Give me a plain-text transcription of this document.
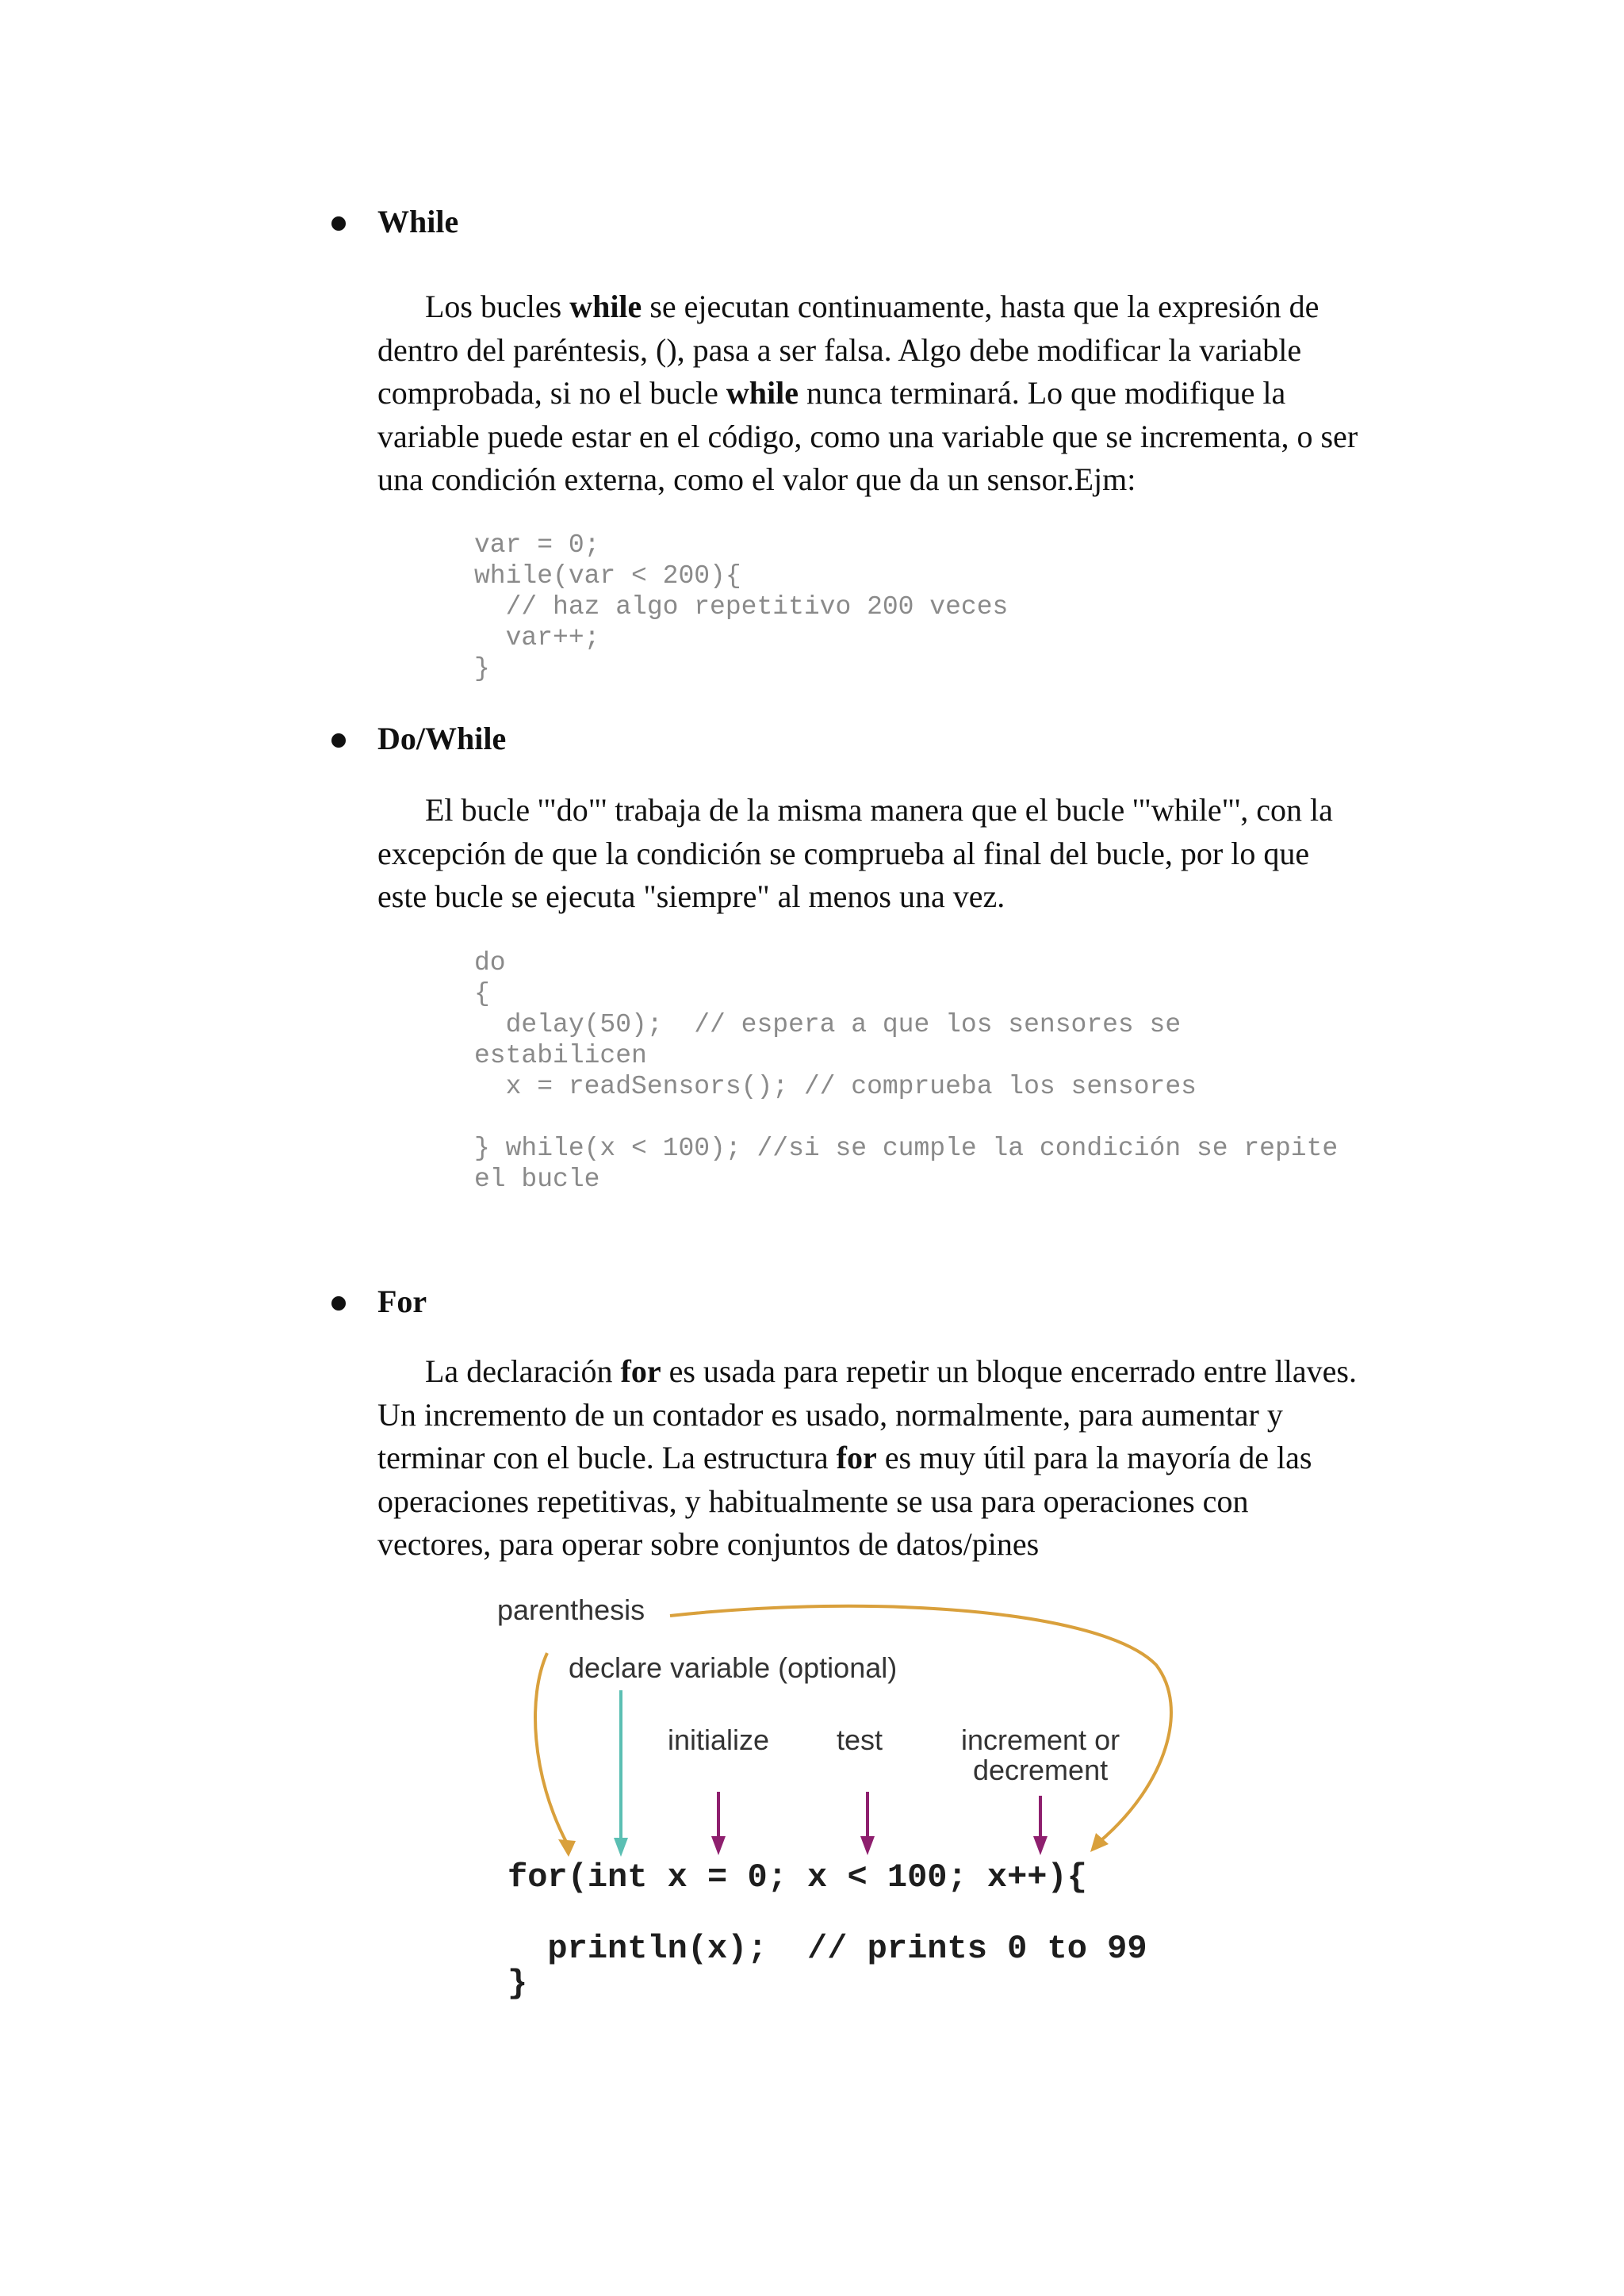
While
Los bucles while se ejecutan continuamente, hasta que la expresión de
dentro del paréntesis, (), pasa a ser falsa. Algo debe modificar la variable
comprobada, si no el bucle while nunca terminará. Lo que modifique la
variable puede estar en el código, como una variable que se incrementa, o ser
una condición externa, como el valor que da un sensor.Ejm:
var = 0;
while(var < 200){
// haz algo repetitivo 200 veces
var++;
}
Do/While
El bucle '"do"' trabaja de la misma manera que el bucle '"while"', con la
excepción de que la condición se comprueba al final del bucle, por lo que
este bucle se ejecuta "siempre" al menos una vez.
do
{
delay(50);  // espera a que los sensores se
estabilicen
x = readSensors(); // comprueba los sensores
} while(x < 100); //si se cumple la condición se repite
el bucle
For
La declaración for es usada para repetir un bloque encerrado entre llaves.
Un incremento de un contador es usado, normalmente, para aumentar y
terminar con el bucle. La estructura for es muy útil para la mayoría de las
operaciones repetitivas, y habitualmente se usa para operaciones con
vectores, para operar sobre conjuntos de datos/pines
parenthesis
declare variable (optional)
initialize test	increment or
decrement
for(int x = 0; x < 100; x++){
println(x);  // prints 0 to 99
}
